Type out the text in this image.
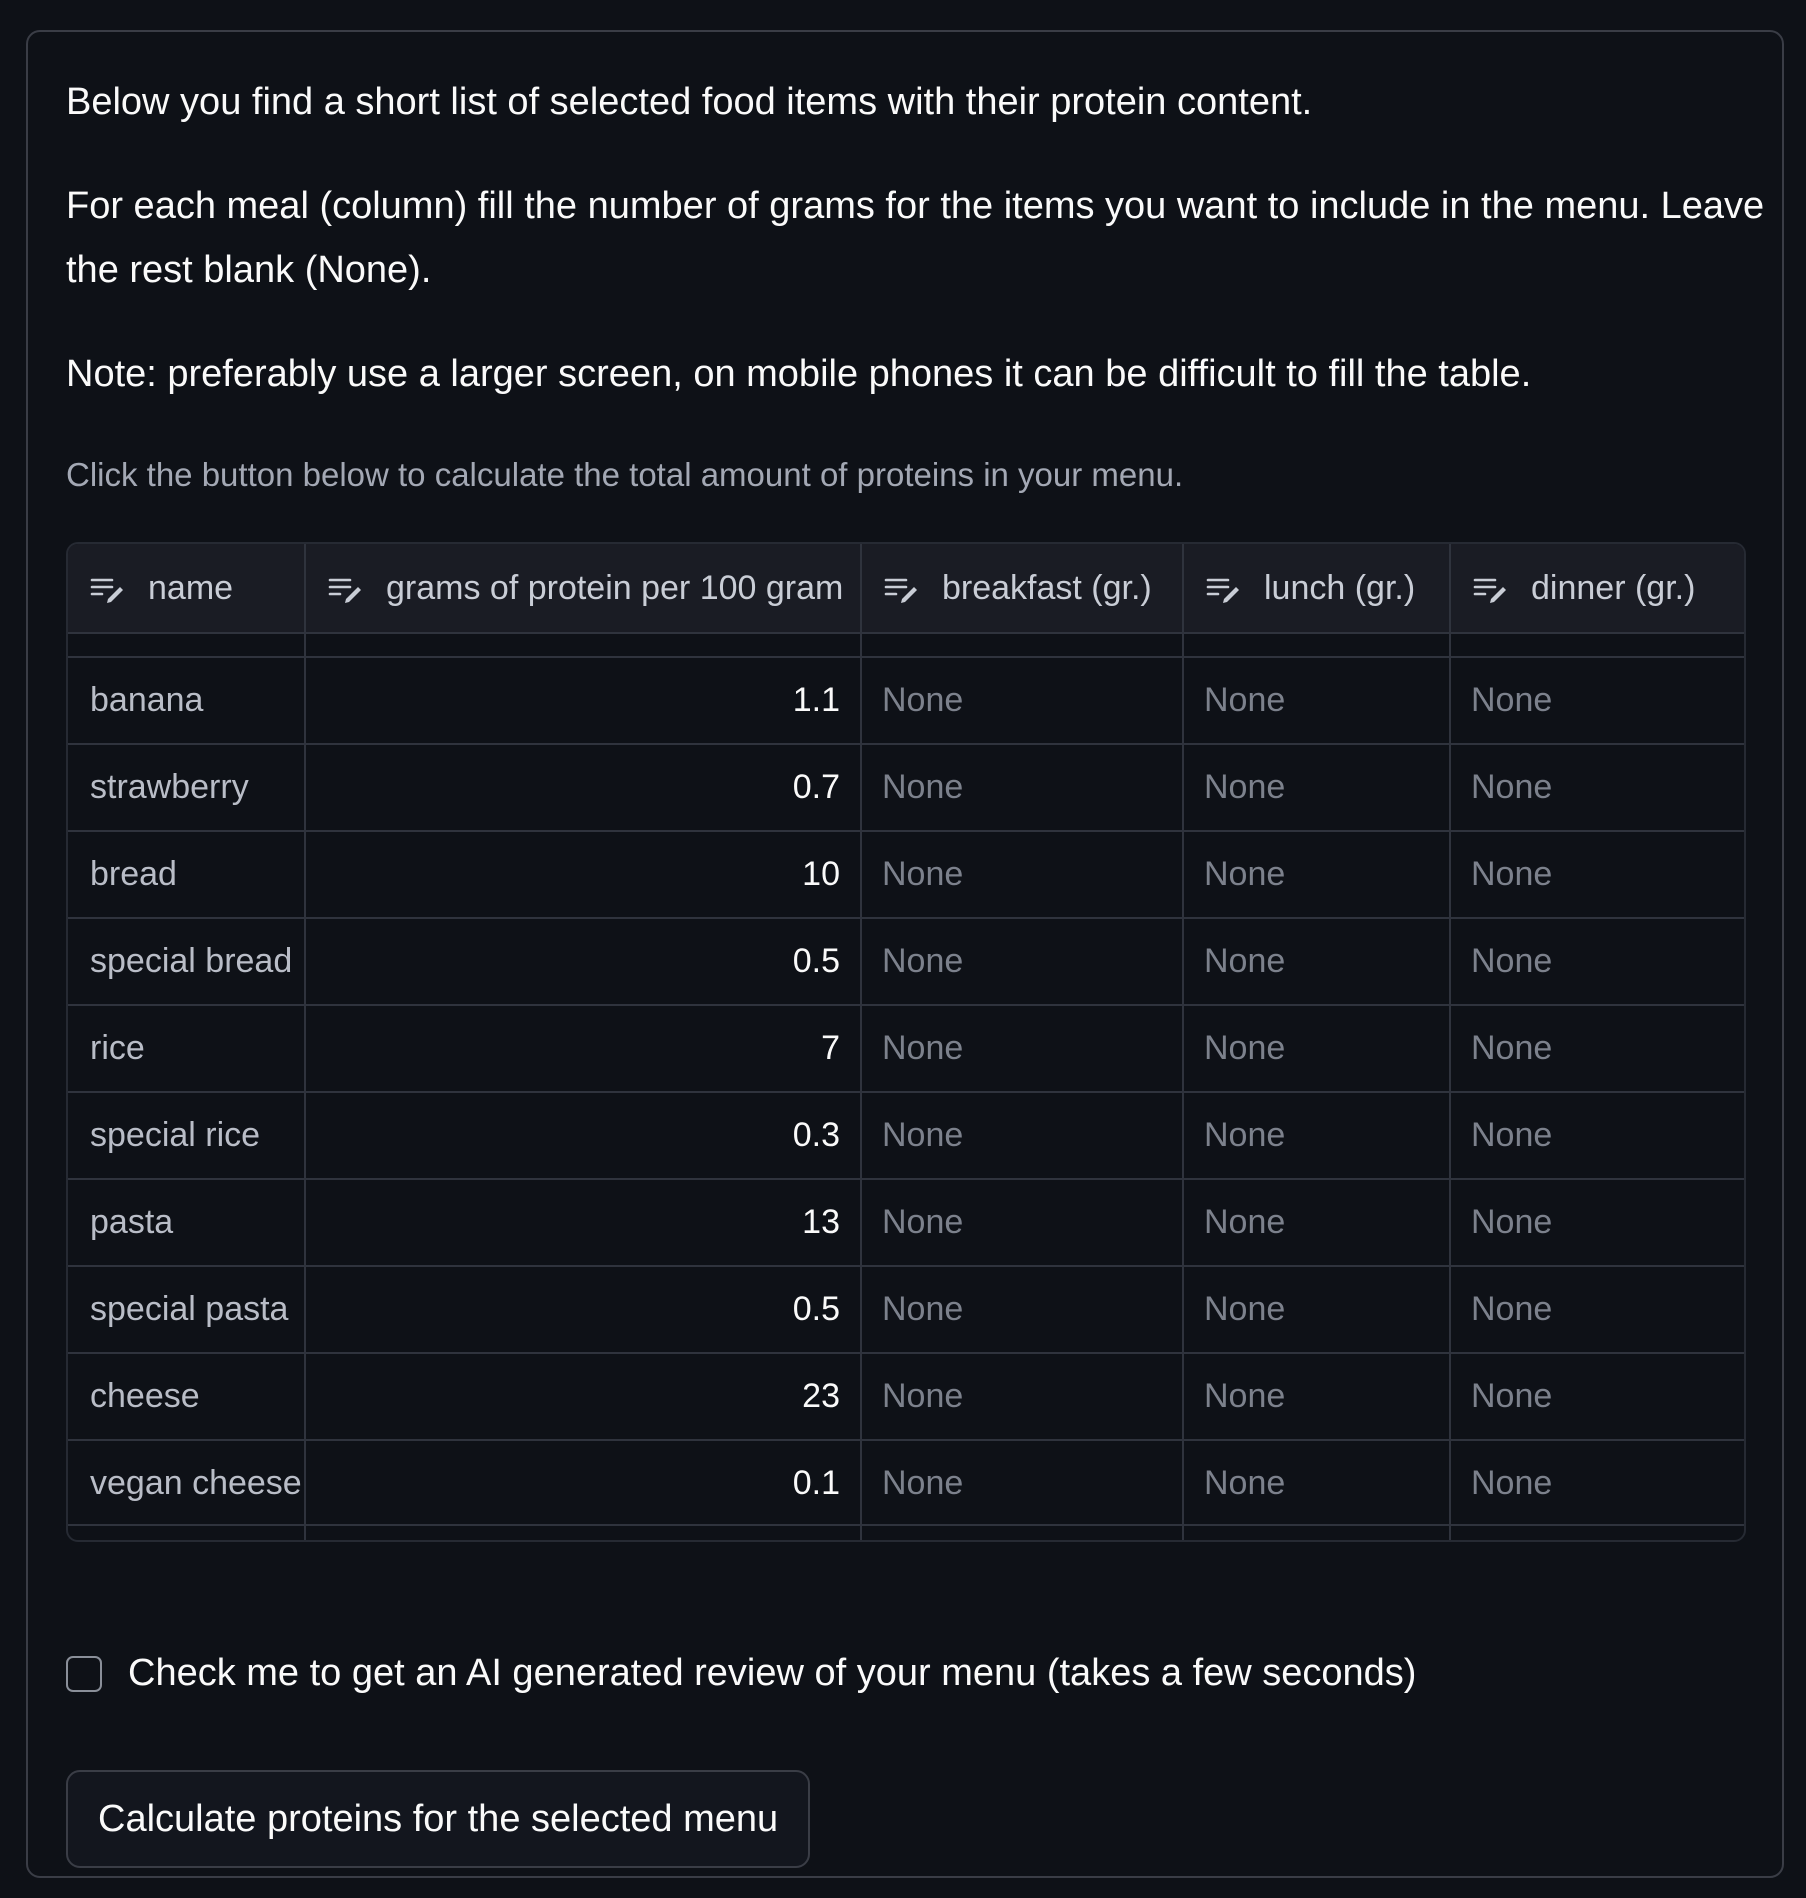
Below you find a short list of selected food items with their protein content.

For each meal (column) fill the number of grams for the items you want to include in the menu. Leave the rest blank (None).

Note: preferably use a larger screen, on mobile phones it can be difficult to fill the table.

Click the button below to calculate the total amount of proteins in your menu.
name	grams of protein per 100 gram	breakfast (gr.)	lunch (gr.)	dinner (gr.)
banana	1.1	None	None	None
strawberry	0.7	None	None	None
bread	10	None	None	None
special bread	0.5	None	None	None
rice	7	None	None	None
special rice	0.3	None	None	None
pasta	13	None	None	None
special pasta	0.5	None	None	None
cheese	23	None	None	None
vegan cheese	0.1	None	None	None
Check me to get an AI generated review of your menu (takes a few seconds)
Calculate proteins for the selected menu
